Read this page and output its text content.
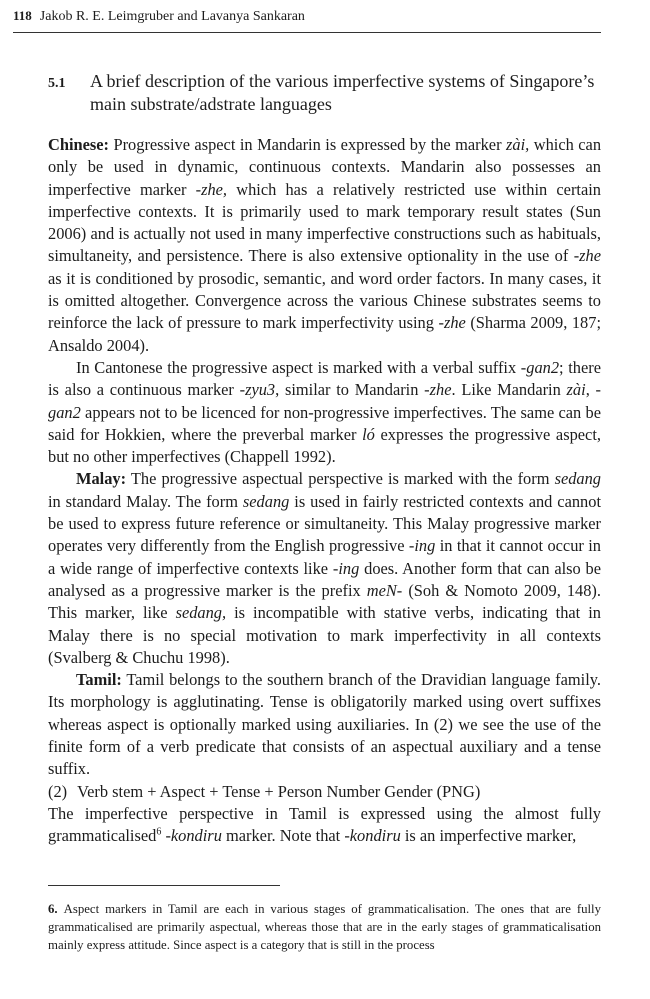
118 Jakob R. E. Leimgruber and Lavanya Sankaran
5.1 A brief description of the various imperfective systems of Singapore’s main substrate/adstrate languages

Chinese: Progressive aspect in Mandarin is expressed by the marker zài, which can only be used in dynamic, continuous contexts. Mandarin also possesses an imperfective marker -zhe, which has a relatively restricted use within certain imperfective contexts. It is primarily used to mark temporary result states (Sun 2006) and is actually not used in many imperfective constructions such as habituals, simultaneity, and persistence. There is also extensive optionality in the use of -zhe as it is conditioned by prosodic, semantic, and word order factors. In many cases, it is omitted altogether. Convergence across the various Chinese substrates seems to reinforce the lack of pressure to mark imperfectivity using -zhe (Sharma 2009, 187; Ansaldo 2004).

In Cantonese the progressive aspect is marked with a verbal suffix -gan2; there is also a continuous marker -zyu3, similar to Mandarin -zhe. Like Mandarin zài, -gan2 appears not to be licenced for non-progressive imperfectives. The same can be said for Hokkien, where the preverbal marker ló expresses the progressive aspect, but no other imperfectives (Chappell 1992).

Malay: The progressive aspectual perspective is marked with the form sedang in standard Malay. The form sedang is used in fairly restricted contexts and cannot be used to express future reference or simultaneity. This Malay progressive marker operates very differently from the English progressive -ing in that it cannot occur in a wide range of imperfective contexts like -ing does. Another form that can also be analysed as a progressive marker is the prefix meN- (Soh & Nomoto 2009, 148). This marker, like sedang, is incompatible with stative verbs, indicating that in Malay there is no special motivation to mark imperfectivity in all contexts (Svalberg & Chuchu 1998).

Tamil: Tamil belongs to the southern branch of the Dravidian language family. Its morphology is agglutinating. Tense is obligatorily marked using overt suffixes whereas aspect is optionally marked using auxiliaries. In (2) we see the use of the finite form of a verb predicate that consists of an aspectual auxiliary and a tense suffix.

(2) Verb stem + Aspect + Tense + Person Number Gender (PNG)

The imperfective perspective in Tamil is expressed using the almost fully grammaticalised$^6$ -kondiru marker. Note that -kondiru is an imperfective marker,

6. Aspect markers in Tamil are each in various stages of grammaticalisation. The ones that are fully grammaticalised are primarily aspectual, whereas those that are in the early stages of grammaticalisation mainly express attitude. Since aspect is a category that is still in the process
